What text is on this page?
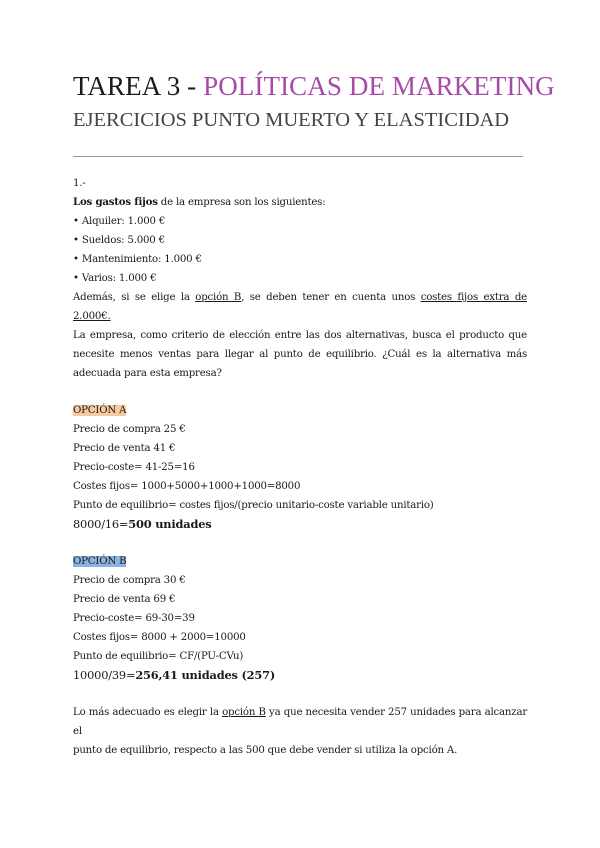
TAREA 3 - POLÍTICAS DE MARKETING
EJERCICIOS PUNTO MUERTO Y ELASTICIDAD
1.-
Los gastos fijos de la empresa son los siguientes:
• Alquiler: 1.000 €
• Sueldos: 5.000 €
• Mantenimiento: 1.000 €
• Varios: 1.000 €
Además, si se elige la opción B, se deben tener en cuenta unos costes fijos extra de 2.000€.
La empresa, como criterio de elección entre las dos alternativas, busca el producto que
necesite menos ventas para llegar al punto de equilibrio. ¿Cuál es la alternativa más
adecuada para esta empresa?
OPCIÓN A
Precio de compra 25 €
Precio de venta 41 €
Precio-coste= 41-25=16
Costes fijos= 1000+5000+1000+1000=8000
Punto de equilibrio= costes fijos/(precio unitario-coste variable unitario)
8000/16=500 unidades
OPCIÓN B
Precio de compra 30 €
Precio de venta 69 €
Precio-coste= 69-30=39
Costes fijos= 8000 + 2000=10000
Punto de equilibrio= CF/(PU-CVu)
10000/39=256,41 unidades (257)
Lo más adecuado es elegir la opción B ya que necesita vender 257 unidades para alcanzar el
punto de equilibrio, respecto a las 500 que debe vender si utiliza la opción A.
